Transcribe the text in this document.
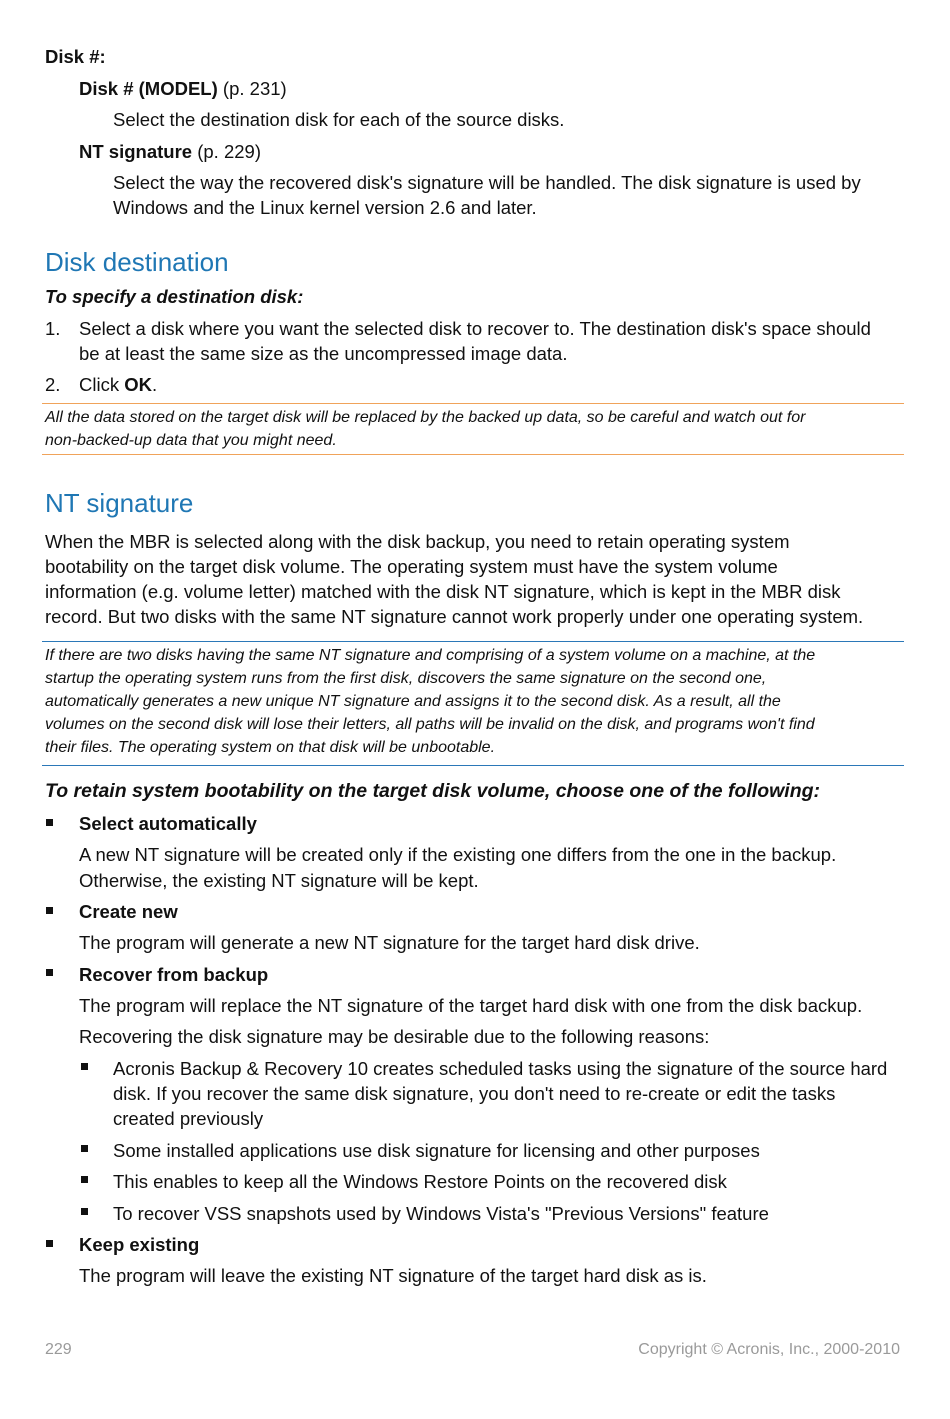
Disk #:
Disk # (MODEL) (p. 231)
Select the destination disk for each of the source disks.
NT signature (p. 229)
Select the way the recovered disk's signature will be handled. The disk signature is used by
Windows and the Linux kernel version 2.6 and later.
Disk destination
To specify a destination disk:
1. Select a disk where you want the selected disk to recover to. The destination disk's space should
be at least the same size as the uncompressed image data.
2. Click OK.
All the data stored on the target disk will be replaced by the backed up data, so be careful and watch out for
non-backed-up data that you might need.
NT signature
When the MBR is selected along with the disk backup, you need to retain operating system
bootability on the target disk volume. The operating system must have the system volume
information (e.g. volume letter) matched with the disk NT signature, which is kept in the MBR disk
record. But two disks with the same NT signature cannot work properly under one operating system.
If there are two disks having the same NT signature and comprising of a system volume on a machine, at the
startup the operating system runs from the first disk, discovers the same signature on the second one,
automatically generates a new unique NT signature and assigns it to the second disk. As a result, all the
volumes on the second disk will lose their letters, all paths will be invalid on the disk, and programs won't find
their files. The operating system on that disk will be unbootable.
To retain system bootability on the target disk volume, choose one of the following:
Select automatically
A new NT signature will be created only if the existing one differs from the one in the backup.
Otherwise, the existing NT signature will be kept.
Create new
The program will generate a new NT signature for the target hard disk drive.
Recover from backup
The program will replace the NT signature of the target hard disk with one from the disk backup.
Recovering the disk signature may be desirable due to the following reasons:
Acronis Backup & Recovery 10 creates scheduled tasks using the signature of the source hard
disk. If you recover the same disk signature, you don't need to re-create or edit the tasks
created previously
Some installed applications use disk signature for licensing and other purposes
This enables to keep all the Windows Restore Points on the recovered disk
To recover VSS snapshots used by Windows Vista's "Previous Versions" feature
Keep existing
The program will leave the existing NT signature of the target hard disk as is.
229	Copyright © Acronis, Inc., 2000-2010
